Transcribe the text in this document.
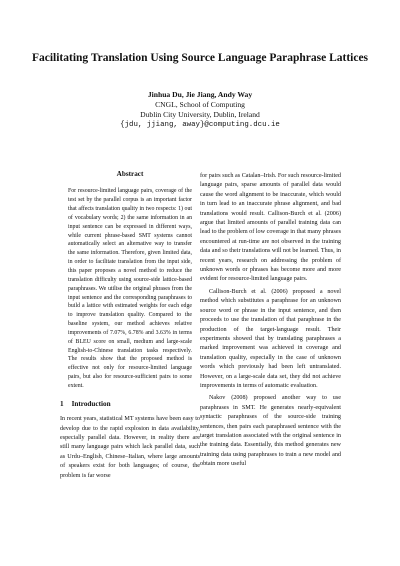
Facilitating Translation Using Source Language Paraphrase Lattices
Jinhua Du, Jie Jiang, Andy Way
CNGL, School of Computing
Dublin City University, Dublin, Ireland
{jdu, jjiang, away}@computing.dcu.ie
Abstract

For resource-limited language pairs, coverage of the test set by the parallel corpus is an important factor that affects translation quality in two respects: 1) out of vocabulary words; 2) the same information in an input sentence can be expressed in different ways, while current phrase-based SMT systems cannot automatically select an alternative way to transfer the same information. Therefore, given limited data, in order to facilitate translation from the input side, this paper proposes a novel method to reduce the translation difficulty using source-side lattice-based paraphrases. We utilise the original phrases from the input sentence and the corresponding paraphrases to build a lattice with estimated weights for each edge to improve translation quality. Compared to the baseline system, our method achieves relative improvements of 7.07%, 6.78% and 3.63% in terms of BLEU score on small, medium and large-scale English-to-Chinese translation tasks respectively. The results show that the proposed method is effective not only for resource-limited language pairs, but also for resource-sufficient pairs to some extent.

1 Introduction

In recent years, statistical MT systems have been easy to develop due to the rapid explosion in data availability, especially parallel data. However, in reality there are still many language pairs which lack parallel data, such as Urdu–English, Chinese–Italian, where large amounts of speakers exist for both languages; of course, the problem is far worse

for pairs such as Catalan–Irish. For such resource-limited language pairs, sparse amounts of parallel data would cause the word alignment to be inaccurate, which would in turn lead to an inaccurate phrase alignment, and bad translations would result. Callison-Burch et al. (2006) argue that limited amounts of parallel training data can lead to the problem of low coverage in that many phrases encountered at run-time are not observed in the training data and so their translations will not be learned. Thus, in recent years, research on addressing the problem of unknown words or phrases has become more and more evident for resource-limited language pairs.

Callison-Burch et al. (2006) proposed a novel method which substitutes a paraphrase for an unknown source word or phrase in the input sentence, and then proceeds to use the translation of that paraphrase in the production of the target-language result. Their experiments showed that by translating paraphrases a marked improvement was achieved in coverage and translation quality, especially in the case of unknown words which previously had been left untranslated. However, on a large-scale data set, they did not achieve improvements in terms of automatic evaluation.

Nakov (2008) proposed another way to use paraphrases in SMT. He generates nearly-equivalent syntactic paraphrases of the source-side training sentences, then pairs each paraphrased sentence with the target translation associated with the original sentence in the training data. Essentially, this method generates new training data using paraphrases to train a new model and obtain more useful
